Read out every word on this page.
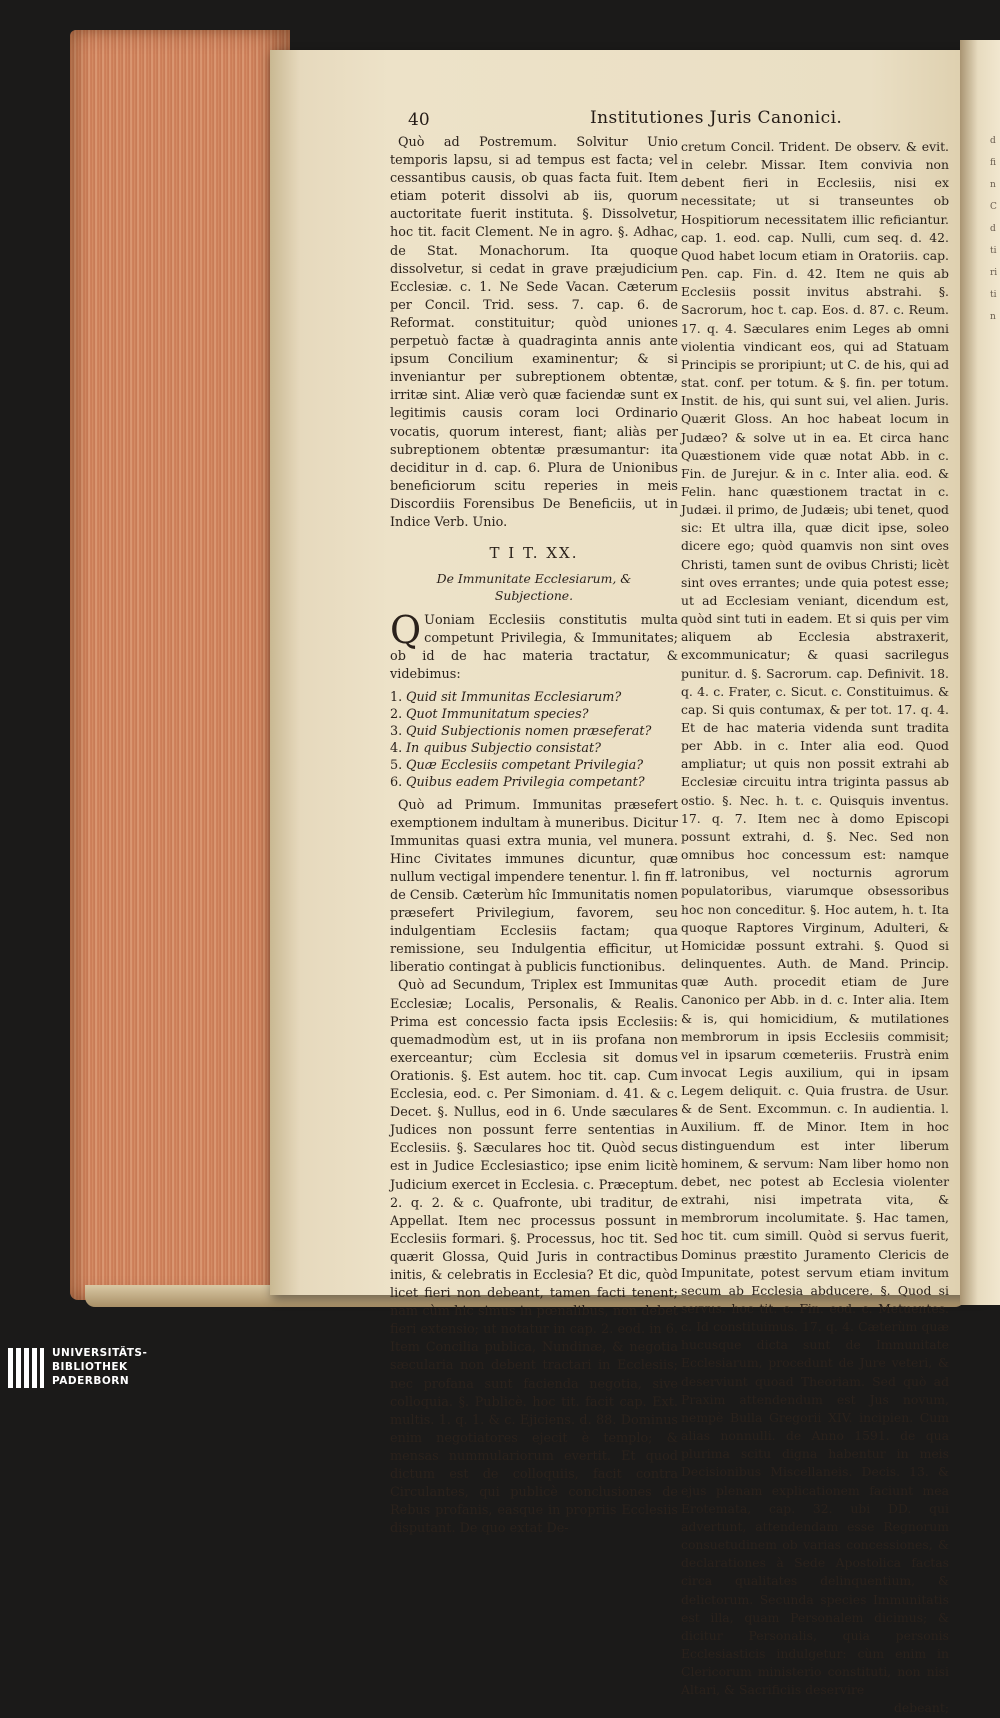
d
fi
n
C
d
ti
ri
ti
n
40	Institutiones Juris Canonici.

Quò ad Postremum. Solvitur Unio temporis lapsu, si ad tempus est facta; vel cessantibus causis, ob quas facta fuit. Item etiam poterit dissolvi ab iis, quorum auctoritate fuerit instituta. §. Dissolvetur, hoc tit. facit Clement. Ne in agro. §. Adhac, de Stat. Monachorum. Ita quoque dissolvetur, si cedat in grave præjudicium Ecclesiæ. c. 1. Ne Sede Vacan. Cæterum per Concil. Trid. sess. 7. cap. 6. de Reformat. constituitur; quòd uniones perpetuò factæ à quadraginta annis ante ipsum Concilium examinentur; & si inveniantur per subreptionem obtentæ, irritæ sint. Aliæ verò quæ faciendæ sunt ex legitimis causis coram loci Ordinario vocatis, quorum interest, fiant; aliàs per subreptionem obtentæ præsumantur: ita deciditur in d. cap. 6. Plura de Unionibus beneficiorum scitu reperies in meis Discordiis Forensibus De Beneficiis, ut in Indice Verb. Unio.

T I T. XX.
De Immunitate Ecclesiarum, & Subjectione.

Q Uoniam Ecclesiis constitutis multa competunt Privilegia, & Immunitates; ob id de hac materia tractatur, & videbimus:

1. Quid sit Immunitas Ecclesiarum?
2. Quot Immunitatum species?
3. Quid Subjectionis nomen præseferat?
4. In quibus Subjectio consistat?
5. Quæ Ecclesiis competant Privilegia?
6. Quibus eadem Privilegia competant?

Quò ad Primum. Immunitas præsefert exemptionem indultam à muneribus. Dicitur Immunitas quasi extra munia, vel munera. Hinc Civitates immunes dicuntur, quæ nullum vectigal impendere tenentur. l. fin ff. de Censib. Cæterùm hîc Immunitatis nomen præsefert Privilegium, favorem, seu indulgentiam Ecclesiis factam; qua remissione, seu Indulgentia efficitur, ut liberatio contingat à publicis functionibus.

Quò ad Secundum, Triplex est Immunitas Ecclesiæ; Localis, Personalis, & Realis. Prima est concessio facta ipsis Ecclesiis: quemadmodùm est, ut in iis profana non exerceantur; cùm Ecclesia sit domus Orationis. §. Est autem. hoc tit. cap. Cum Ecclesia, eod. c. Per Simoniam. d. 41. & c. Decet. §. Nullus, eod in 6. Unde sæculares Judices non possunt ferre sententias in Ecclesiis. §. Sæculares hoc tit. Quòd secus est in Judice Ecclesiastico; ipse enim licitè Judicium exercet in Ecclesia. c. Præceptum. 2. q. 2. & c. Quafronte, ubi traditur, de Appellat. Item nec processus possunt in Ecclesiis formari. §. Processus, hoc tit. Sed quærit Glossa, Quid Juris in contractibus initis, & celebratis in Ecclesia? Et dic, quòd licet fieri non debeant, tamen facti tenent; nam cùm hic simus in pœnalibus, non debet fieri extensio; ut notatur in cap. 2. eod. in 6. Item Concilia publica, Nundinæ, & negotia sæcularia non debent tractari in Ecclesiis; nec profana sunt facienda negotia, sive colloquia. §. Publicè. hoc tit. facit cap. Ext. multis. 1. q. 1. & c. Ejiciens. d. 88. Dominus enim negotiatores ejecit è templo; & mensas nummulariorum evertit. Et quod dictum est de colloquiis, facit contra Circulantes, qui publicè conclusiones de Rebus profanis, easque in propriis Ecclesiis disputant. De quo extat De-

cretum Concil. Trident. De observ. & evit. in celebr. Missar. Item convivia non debent fieri in Ecclesiis, nisi ex necessitate; ut si transeuntes ob Hospitiorum necessitatem illic reficiantur. cap. 1. eod. cap. Nulli, cum seq. d. 42. Quod habet locum etiam in Oratoriis. cap. Pen. cap. Fin. d. 42. Item ne quis ab Ecclesiis possit invitus abstrahi. §. Sacrorum, hoc t. cap. Eos. d. 87. c. Reum. 17. q. 4. Sæculares enim Leges ab omni violentia vindicant eos, qui ad Statuam Principis se proripiunt; ut C. de his, qui ad stat. conf. per totum. & §. fin. per totum. Instit. de his, qui sunt sui, vel alien. Juris. Quærit Gloss. An hoc habeat locum in Judæo? & solve ut in ea. Et circa hanc Quæstionem vide quæ notat Abb. in c. Fin. de Jurejur. & in c. Inter alia. eod. & Felin. hanc quæstionem tractat in c. Judæi. il primo, de Judæis; ubi tenet, quod sic: Et ultra illa, quæ dicit ipse, soleo dicere ego; quòd quamvis non sint oves Christi, tamen sunt de ovibus Christi; licèt sint oves errantes; unde quia potest esse; ut ad Ecclesiam veniant, dicendum est, quòd sint tuti in eadem. Et si quis per vim aliquem ab Ecclesia abstraxerit, excommunicatur; & quasi sacrilegus punitur. d. §. Sacrorum. cap. Definivit. 18. q. 4. c. Frater, c. Sicut. c. Constituimus. & cap. Si quis contumax, & per tot. 17. q. 4. Et de hac materia videnda sunt tradita per Abb. in c. Inter alia eod. Quod ampliatur; ut quis non possit extrahi ab Ecclesiæ circuitu intra triginta passus ab ostio. §. Nec. h. t. c. Quisquis inventus. 17. q. 7. Item nec à domo Episcopi possunt extrahi, d. §. Nec. Sed non omnibus hoc concessum est: namque latronibus, vel nocturnis agrorum populatoribus, viarumque obsessoribus hoc non conceditur. §. Hoc autem, h. t. Ita quoque Raptores Virginum, Adulteri, & Homicidæ possunt extrahi. §. Quod si delinquentes. Auth. de Mand. Princip. quæ Auth. procedit etiam de Jure Canonico per Abb. in d. c. Inter alia. Item & is, qui homicidium, & mutilationes membrorum in ipsis Ecclesiis commisit; vel in ipsarum cœmeteriis. Frustrà enim invocat Legis auxilium, qui in ipsam Legem deliquit. c. Quia frustra. de Usur. & de Sent. Excommun. c. In audientia. l. Auxilium. ff. de Minor. Item in hoc distinguendum est inter liberum hominem, & servum: Nam liber homo non debet, nec potest ab Ecclesia violenter extrahi, nisi impetrata vita, & membrorum incolumitate. §. Hac tamen, hoc tit. cum simill. Quòd si servus fuerit, Dominus præstito Juramento Clericis de Impunitate, potest servum etiam invitum secum ab Ecclesia abducere. §. Quod si servus. hoc tit. c. Fin. eod. c. Metuentes. c. Id constituimus. 17. q. 4. Cæterùm quæ hucusque dicta sunt de Immunitate Ecclesiarum, procedunt de Jure veteri, & deserviunt quoad Theoriam. Sed quò ad Praxim attendendum est Jus novum, nempè Bulla Gregorii XIV. incipien. Cum alias nonnulli. de Anno 1591. de qua plurima scitu digna habentur in meis Decisionibus Miscellaneis. Decis. 13. & ejus plenam explicationem faciunt mea Erotemata, cap. 32. ubi DD. qui advertunt, attendendam esse Regnorum consuetudinem ob varias concessiones, & declarationes à Sede Apostolica factas circa qualitates delinquentium, & delictorum. Secunda species Immunitatis est illa, quam Personalem dicimus; & dicitur Personalis, quia personis Ecclesiasticis indulgetur: cùm enim in Clericorum ministerio constituti, non nisi Altari, & Sacrificiis deservire

debeant;

UNIVERSITÄTS-
BIBLIOTHEK
PADERBORN
